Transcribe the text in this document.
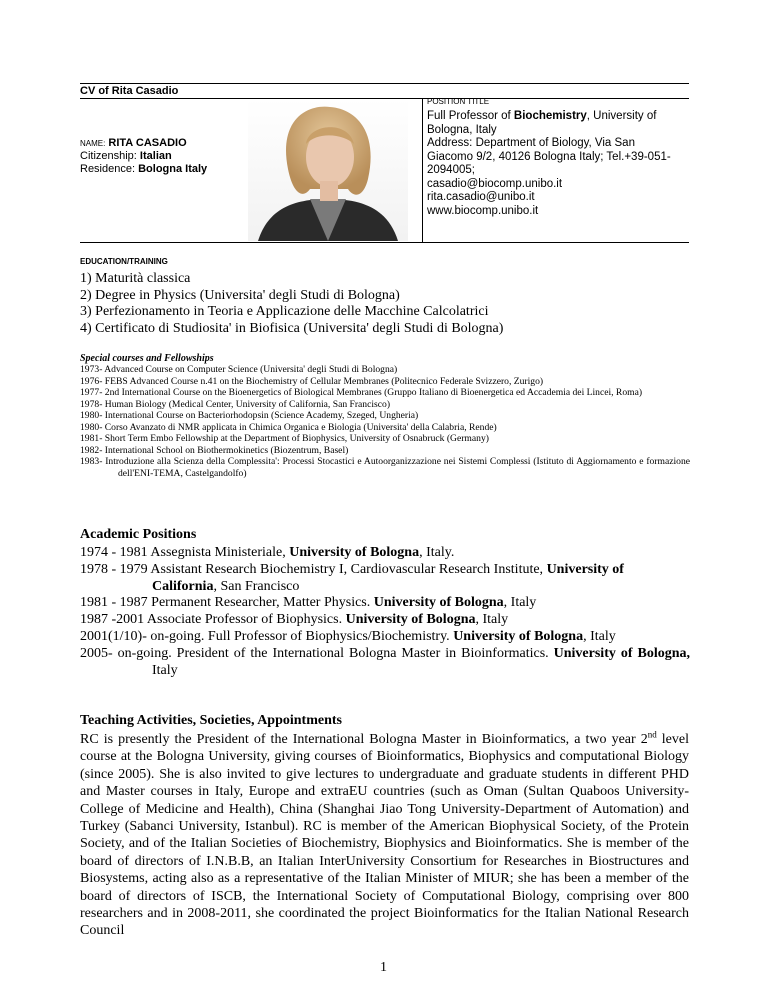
CV of Rita Casadio
NAME: RITA CASADIO
Citizenship: Italian
Residence: Bologna Italy
POSITION TITLE
Full Professor of Biochemistry, University of Bologna, Italy
Address: Department of Biology, Via San Giacomo 9/2, 40126 Bologna Italy; Tel.+39-051-2094005;
casadio@biocomp.unibo.it
rita.casadio@unibo.it
www.biocomp.unibo.it
EDUCATION/TRAINING
1) Maturità classica
2) Degree in Physics (Universita' degli Studi di Bologna)
3) Perfezionamento in Teoria e Applicazione delle Macchine Calcolatrici
4) Certificato di Studiosita' in Biofisica (Universita' degli Studi di Bologna)
Special courses and Fellowships
1973- Advanced Course on Computer Science (Universita' degli Studi di Bologna)
1976- FEBS Advanced Course n.41 on the Biochemistry of Cellular Membranes (Politecnico Federale Svizzero, Zurigo)
1977- 2nd International Course on the Bioenergetics of Biological Membranes (Gruppo Italiano di Bioenergetica ed Accademia dei Lincei, Roma)
1978- Human Biology (Medical Center, University of California, San Francisco)
1980- International Course on Bacteriorhodopsin (Science Academy, Szeged, Ungheria)
1980- Corso Avanzato di NMR applicata in Chimica Organica e Biologia (Universita' della Calabria, Rende)
1981- Short Term Embo Fellowship at the Department of Biophysics, University of Osnabruck (Germany)
1982- International School on Biothermokinetics (Biozentrum, Basel)
1983- Introduzione alla Scienza della Complessita': Processi Stocastici e Autoorganizzazione nei Sistemi Complessi (Istituto di Aggiornamento e formazione dell'ENI-TEMA, Castelgandolfo)
Academic Positions
1974 - 1981 Assegnista Ministeriale, University of Bologna, Italy.
1978 - 1979 Assistant Research Biochemistry I, Cardiovascular Research Institute, University of California, San Francisco
1981 - 1987 Permanent Researcher, Matter Physics. University of Bologna, Italy
1987 -2001 Associate Professor of Biophysics. University of Bologna, Italy
2001(1/10)- on-going. Full Professor of Biophysics/Biochemistry. University of Bologna, Italy
2005- on-going. President of the International Bologna Master in Bioinformatics. University of Bologna, Italy
Teaching Activities, Societies, Appointments
RC is presently the President of the International Bologna Master in Bioinformatics, a two year 2nd level course at the Bologna University, giving courses of Bioinformatics, Biophysics and computational Biology (since 2005). She is also invited to give lectures to undergraduate and graduate students in different PHD and Master courses in Italy, Europe and extraEU countries (such as Oman (Sultan Quaboos University-College of Medicine and Health), China (Shanghai Jiao Tong University-Department of Automation) and Turkey (Sabanci University, Istanbul). RC is member of the American Biophysical Society, of the Protein Society, and of the Italian Societies of Biochemistry, Biophysics and Bioinformatics. She is member of the board of directors of I.N.B.B, an Italian InterUniversity Consortium for Researches in Biostructures and Biosystems, acting also as a representative of the Italian Minister of MIUR; she has been a member of the board of directors of ISCB, the International Society of Computational Biology, comprising over 800 researchers and in 2008-2011, she coordinated the project Bioinformatics for the Italian National Research Council
1
